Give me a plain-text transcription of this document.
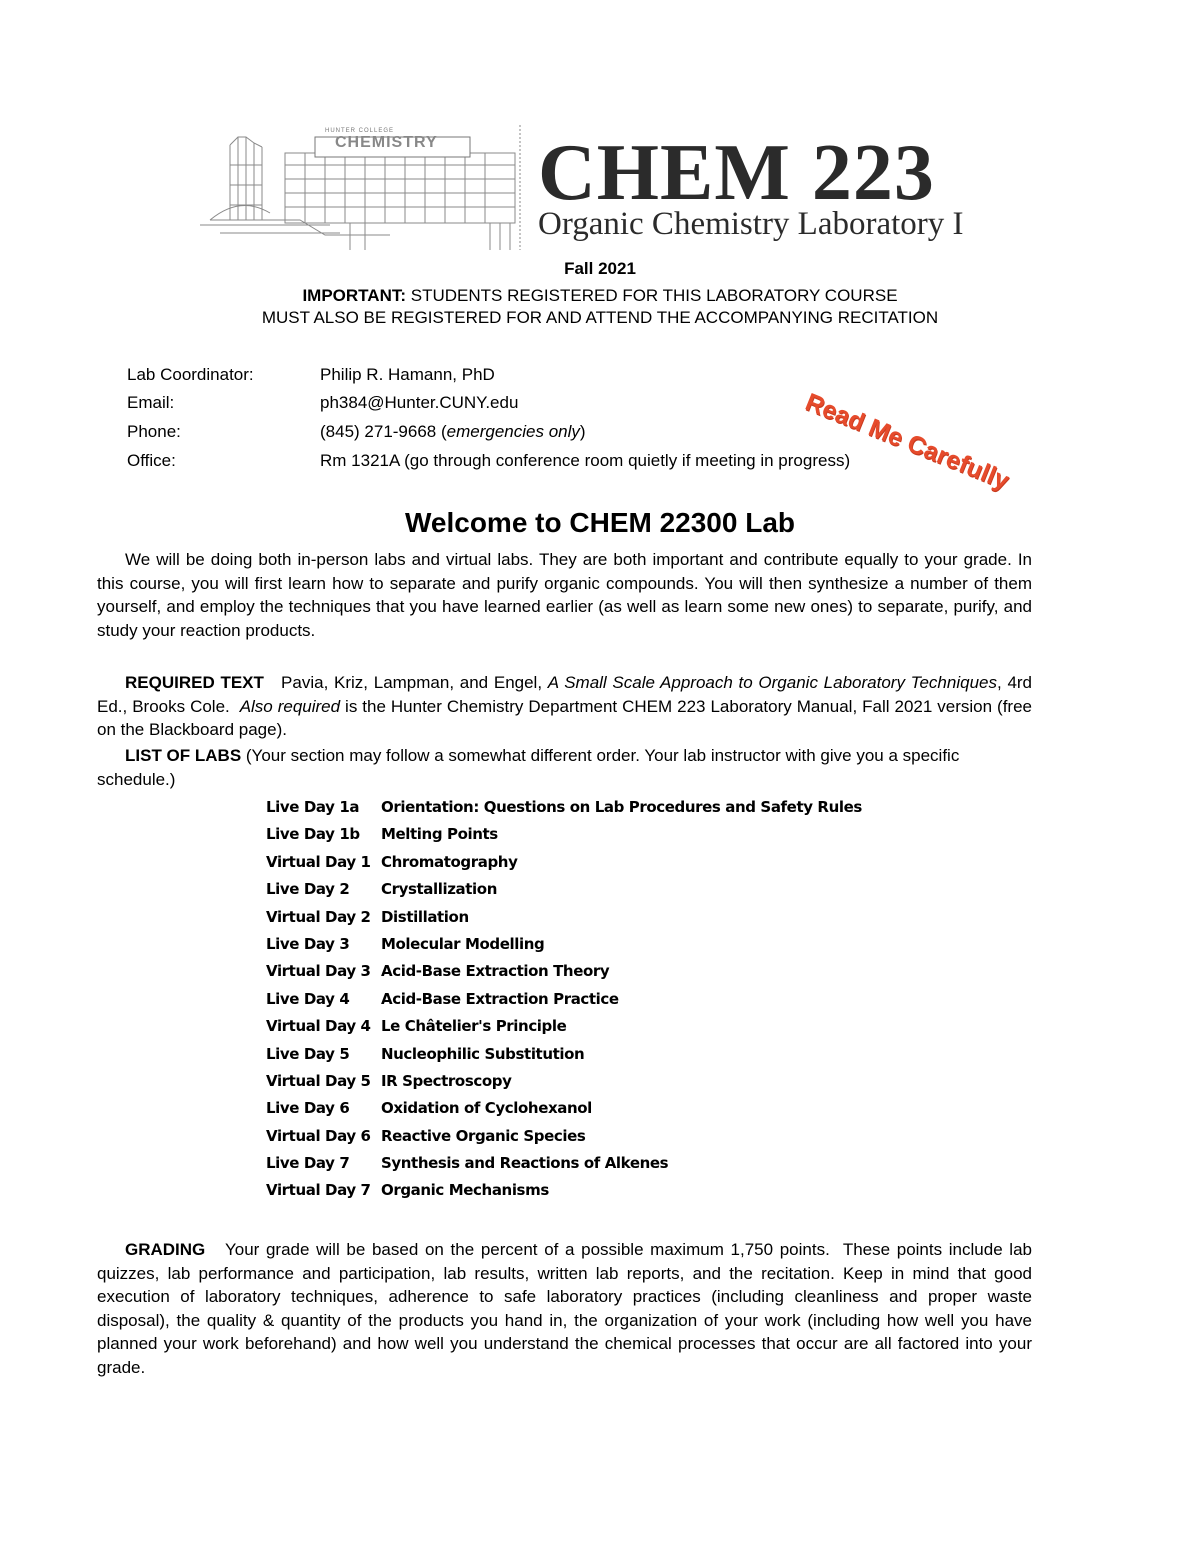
HUNTER COLLEGE
CHEMISTRY CHEM 223
Organic Chemistry Laboratory I
Fall 2021
IMPORTANT: STUDENTS REGISTERED FOR THIS LABORATORY COURSE
MUST ALSO BE REGISTERED FOR AND ATTEND THE ACCOMPANYING RECITATION
Read Me Carefully
Lab Coordinator:	Philip R. Hamann, PhD
Email:	ph384@Hunter.CUNY.edu
Phone:	(845) 271-9668 (emergencies only)
Office:	Rm 1321A (go through conference room quietly if meeting in progress)
Welcome to CHEM 22300 Lab

We will be doing both in-person labs and virtual labs. They are both important and contribute equally to your grade. In this course, you will first learn how to separate and purify organic compounds. You will then synthesize a number of them yourself, and employ the techniques that you have learned earlier (as well as learn some new ones) to separate, purify, and study your reaction products.

REQUIRED TEXT   Pavia, Kriz, Lampman, and Engel, A Small Scale Approach to Organic Laboratory Techniques, 4rd Ed., Brooks Cole.  Also required is the Hunter Chemistry Department CHEM 223 Laboratory Manual, Fall 2021 version (free on the Blackboard page).

LIST OF LABS (Your section may follow a somewhat different order. Your lab instructor with give you a specific schedule.)

Live Day 1a Orientation: Questions on Lab Procedures and Safety Rules
Live Day 1b Melting Points
Virtual Day 1 Chromatography
Live Day 2 Crystallization
Virtual Day 2 Distillation
Live Day 3 Molecular Modelling
Virtual Day 3 Acid-Base Extraction Theory
Live Day 4 Acid-Base Extraction Practice
Virtual Day 4 Le Châtelier's Principle
Live Day 5 Nucleophilic Substitution
Virtual Day 5 IR Spectroscopy
Live Day 6 Oxidation of Cyclohexanol
Virtual Day 6 Reactive Organic Species
Live Day 7 Synthesis and Reactions of Alkenes
Virtual Day 7 Organic Mechanisms

GRADING   Your grade will be based on the percent of a possible maximum 1,750 points.  These points include lab quizzes, lab performance and participation, lab results, written lab reports, and the recitation. Keep in mind that good execution of laboratory techniques, adherence to safe laboratory practices (including cleanliness and proper waste disposal), the quality & quantity of the products you hand in, the organization of your work (including how well you have planned your work beforehand) and how well you understand the chemical processes that occur are all factored into your grade.
